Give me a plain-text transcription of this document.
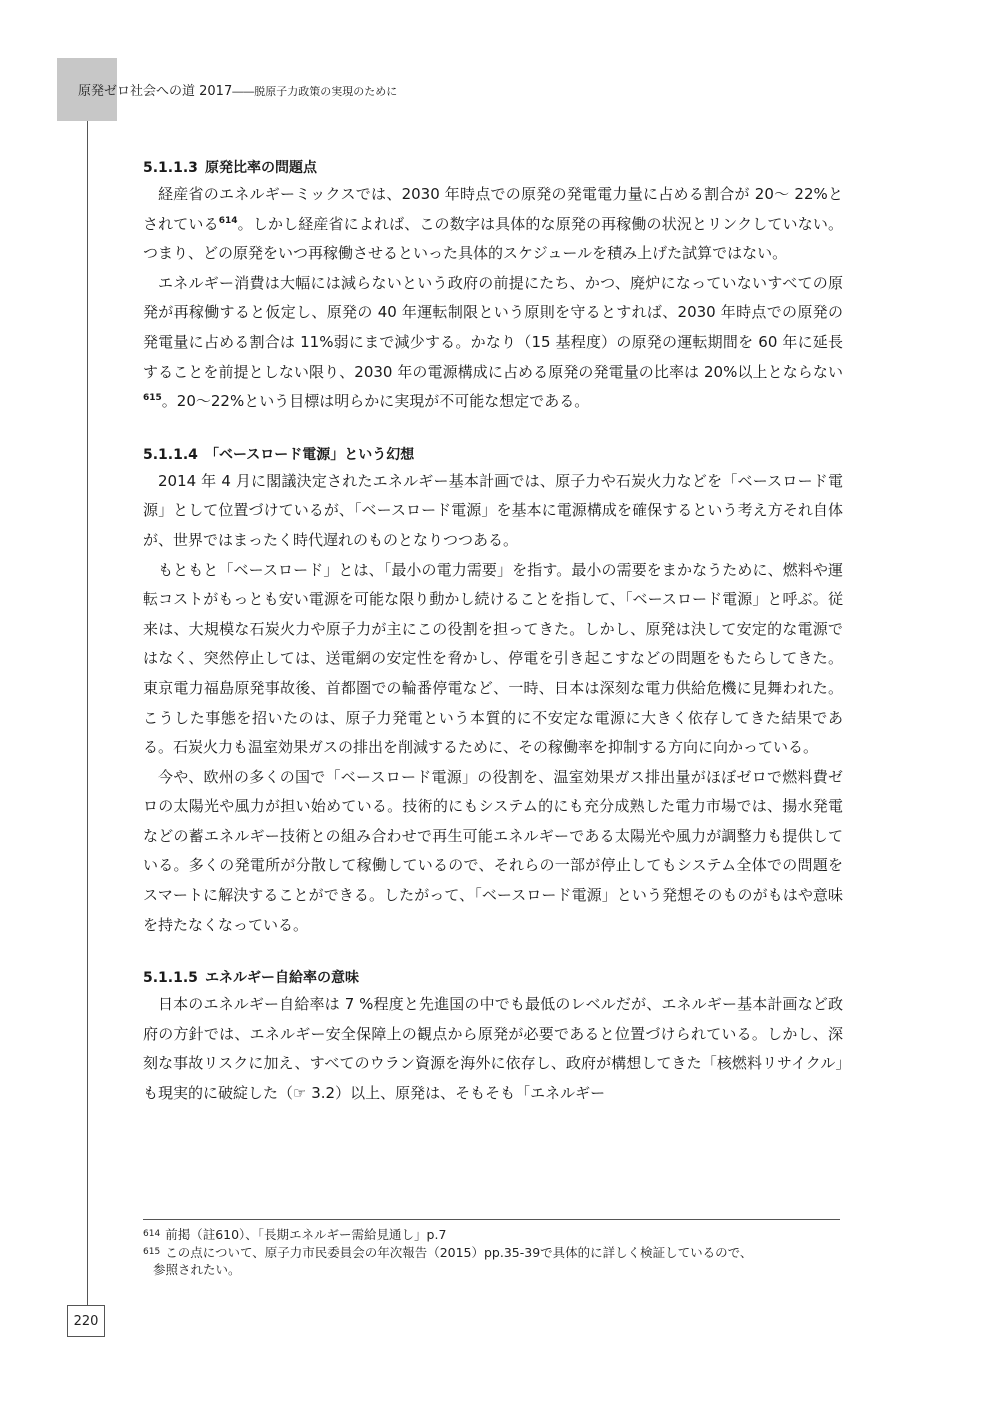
原発ゼロ社会への道 2017――脱原子力政策の実現のために
5.1.1.3 原発比率の問題点

経産省のエネルギーミックスでは、2030 年時点での原発の発電電力量に占める割合が 20〜 22%とされている$^{614}$。しかし経産省によれば、この数字は具体的な原発の再稼働の状況とリンクしていない。つまり、どの原発をいつ再稼働させるといった具体的スケジュールを積み上げた試算ではない。

エネルギー消費は大幅には減らないという政府の前提にたち、かつ、廃炉になっていないすべての原発が再稼働すると仮定し、原発の 40 年運転制限という原則を守るとすれば、2030 年時点での原発の発電量に占める割合は 11%弱にまで減少する。かなり（15 基程度）の原発の運転期間を 60 年に延長することを前提としない限り、2030 年の電源構成に占める原発の発電量の比率は 20%以上とならない$^{615}$。20〜22%という目標は明らかに実現が不可能な想定である。

5.1.1.4 「ベースロード電源」という幻想

2014 年 4 月に閣議決定されたエネルギー基本計画では、原子力や石炭火力などを「ベースロード電源」として位置づけているが、「ベースロード電源」を基本に電源構成を確保するという考え方それ自体が、世界ではまったく時代遅れのものとなりつつある。

もともと「ベースロード」とは、「最小の電力需要」を指す。最小の需要をまかなうために、燃料や運転コストがもっとも安い電源を可能な限り動かし続けることを指して、「ベースロード電源」と呼ぶ。従来は、大規模な石炭火力や原子力が主にこの役割を担ってきた。しかし、原発は決して安定的な電源ではなく、突然停止しては、送電網の安定性を脅かし、停電を引き起こすなどの問題をもたらしてきた。東京電力福島原発事故後、首都圏での輪番停電など、一時、日本は深刻な電力供給危機に見舞われた。こうした事態を招いたのは、原子力発電という本質的に不安定な電源に大きく依存してきた結果である。石炭火力も温室効果ガスの排出を削減するために、その稼働率を抑制する方向に向かっている。

今や、欧州の多くの国で「ベースロード電源」の役割を、温室効果ガス排出量がほぼゼロで燃料費ゼロの太陽光や風力が担い始めている。技術的にもシステム的にも充分成熟した電力市場では、揚水発電などの蓄エネルギー技術との組み合わせで再生可能エネルギーである太陽光や風力が調整力も提供している。多くの発電所が分散して稼働しているので、それらの一部が停止してもシステム全体での問題をスマートに解決することができる。したがって、「ベースロード電源」という発想そのものがもはや意味を持たなくなっている。

5.1.1.5 エネルギー自給率の意味

日本のエネルギー自給率は 7 %程度と先進国の中でも最低のレベルだが、エネルギー基本計画など政府の方針では、エネルギー安全保障上の観点から原発が必要であると位置づけられている。しかし、深刻な事故リスクに加え、すべてのウラン資源を海外に依存し、政府が構想してきた「核燃料リサイクル」も現実的に破綻した（☞ 3.2）以上、原発は、そもそも「エネルギー

$^{614}$ 前掲（註610）、「長期エネルギー需給見通し」p.7
$^{615}$ この点について、原子力市民委員会の年次報告（2015）pp.35-39で具体的に詳しく検証しているので、
参照されたい。
220
